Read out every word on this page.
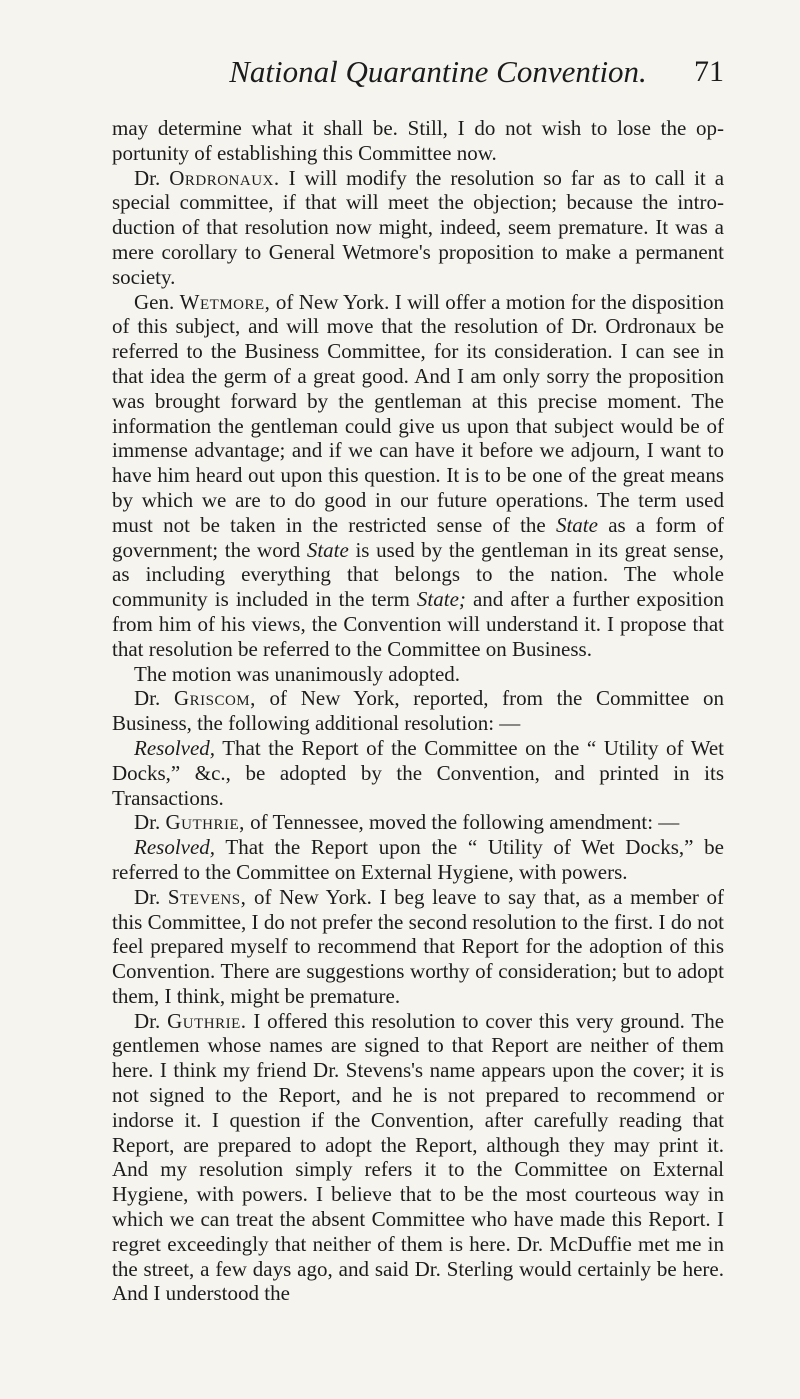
National Quarantine Convention. 71

may determine what it shall be. Still, I do not wish to lose the opportunity of establishing this Committee now.

Dr. Ordronaux. I will modify the resolution so far as to call it a special committee, if that will meet the objection; because the introduction of that resolution now might, indeed, seem premature. It was a mere corollary to General Wetmore's proposition to make a permanent society.

Gen. Wetmore, of New York. I will offer a motion for the disposition of this subject, and will move that the resolution of Dr. Ordronaux be referred to the Business Committee, for its consideration. I can see in that idea the germ of a great good. And I am only sorry the proposition was brought forward by the gentleman at this precise moment. The information the gentleman could give us upon that subject would be of immense advantage; and if we can have it before we adjourn, I want to have him heard out upon this question. It is to be one of the great means by which we are to do good in our future operations. The term used must not be taken in the restricted sense of the State as a form of government; the word State is used by the gentleman in its great sense, as including everything that belongs to the nation. The whole community is included in the term State; and after a further exposition from him of his views, the Convention will understand it. I propose that that resolution be referred to the Committee on Business.

The motion was unanimously adopted.

Dr. Griscom, of New York, reported, from the Committee on Business, the following additional resolution: —

Resolved, That the Report of the Committee on the “ Utility of Wet Docks,” &c., be adopted by the Convention, and printed in its Transactions.

Dr. Guthrie, of Tennessee, moved the following amendment: —

Resolved, That the Report upon the “ Utility of Wet Docks,” be referred to the Committee on External Hygiene, with powers.

Dr. Stevens, of New York. I beg leave to say that, as a member of this Committee, I do not prefer the second resolution to the first. I do not feel prepared myself to recommend that Report for the adoption of this Convention. There are suggestions worthy of consideration; but to adopt them, I think, might be premature.

Dr. Guthrie. I offered this resolution to cover this very ground. The gentlemen whose names are signed to that Report are neither of them here. I think my friend Dr. Stevens's name appears upon the cover; it is not signed to the Report, and he is not prepared to recommend or indorse it. I question if the Convention, after carefully reading that Report, are prepared to adopt the Report, although they may print it. And my resolution simply refers it to the Committee on External Hygiene, with powers. I believe that to be the most courteous way in which we can treat the absent Committee who have made this Report. I regret exceedingly that neither of them is here. Dr. McDuffie met me in the street, a few days ago, and said Dr. Sterling would certainly be here. And I understood the
